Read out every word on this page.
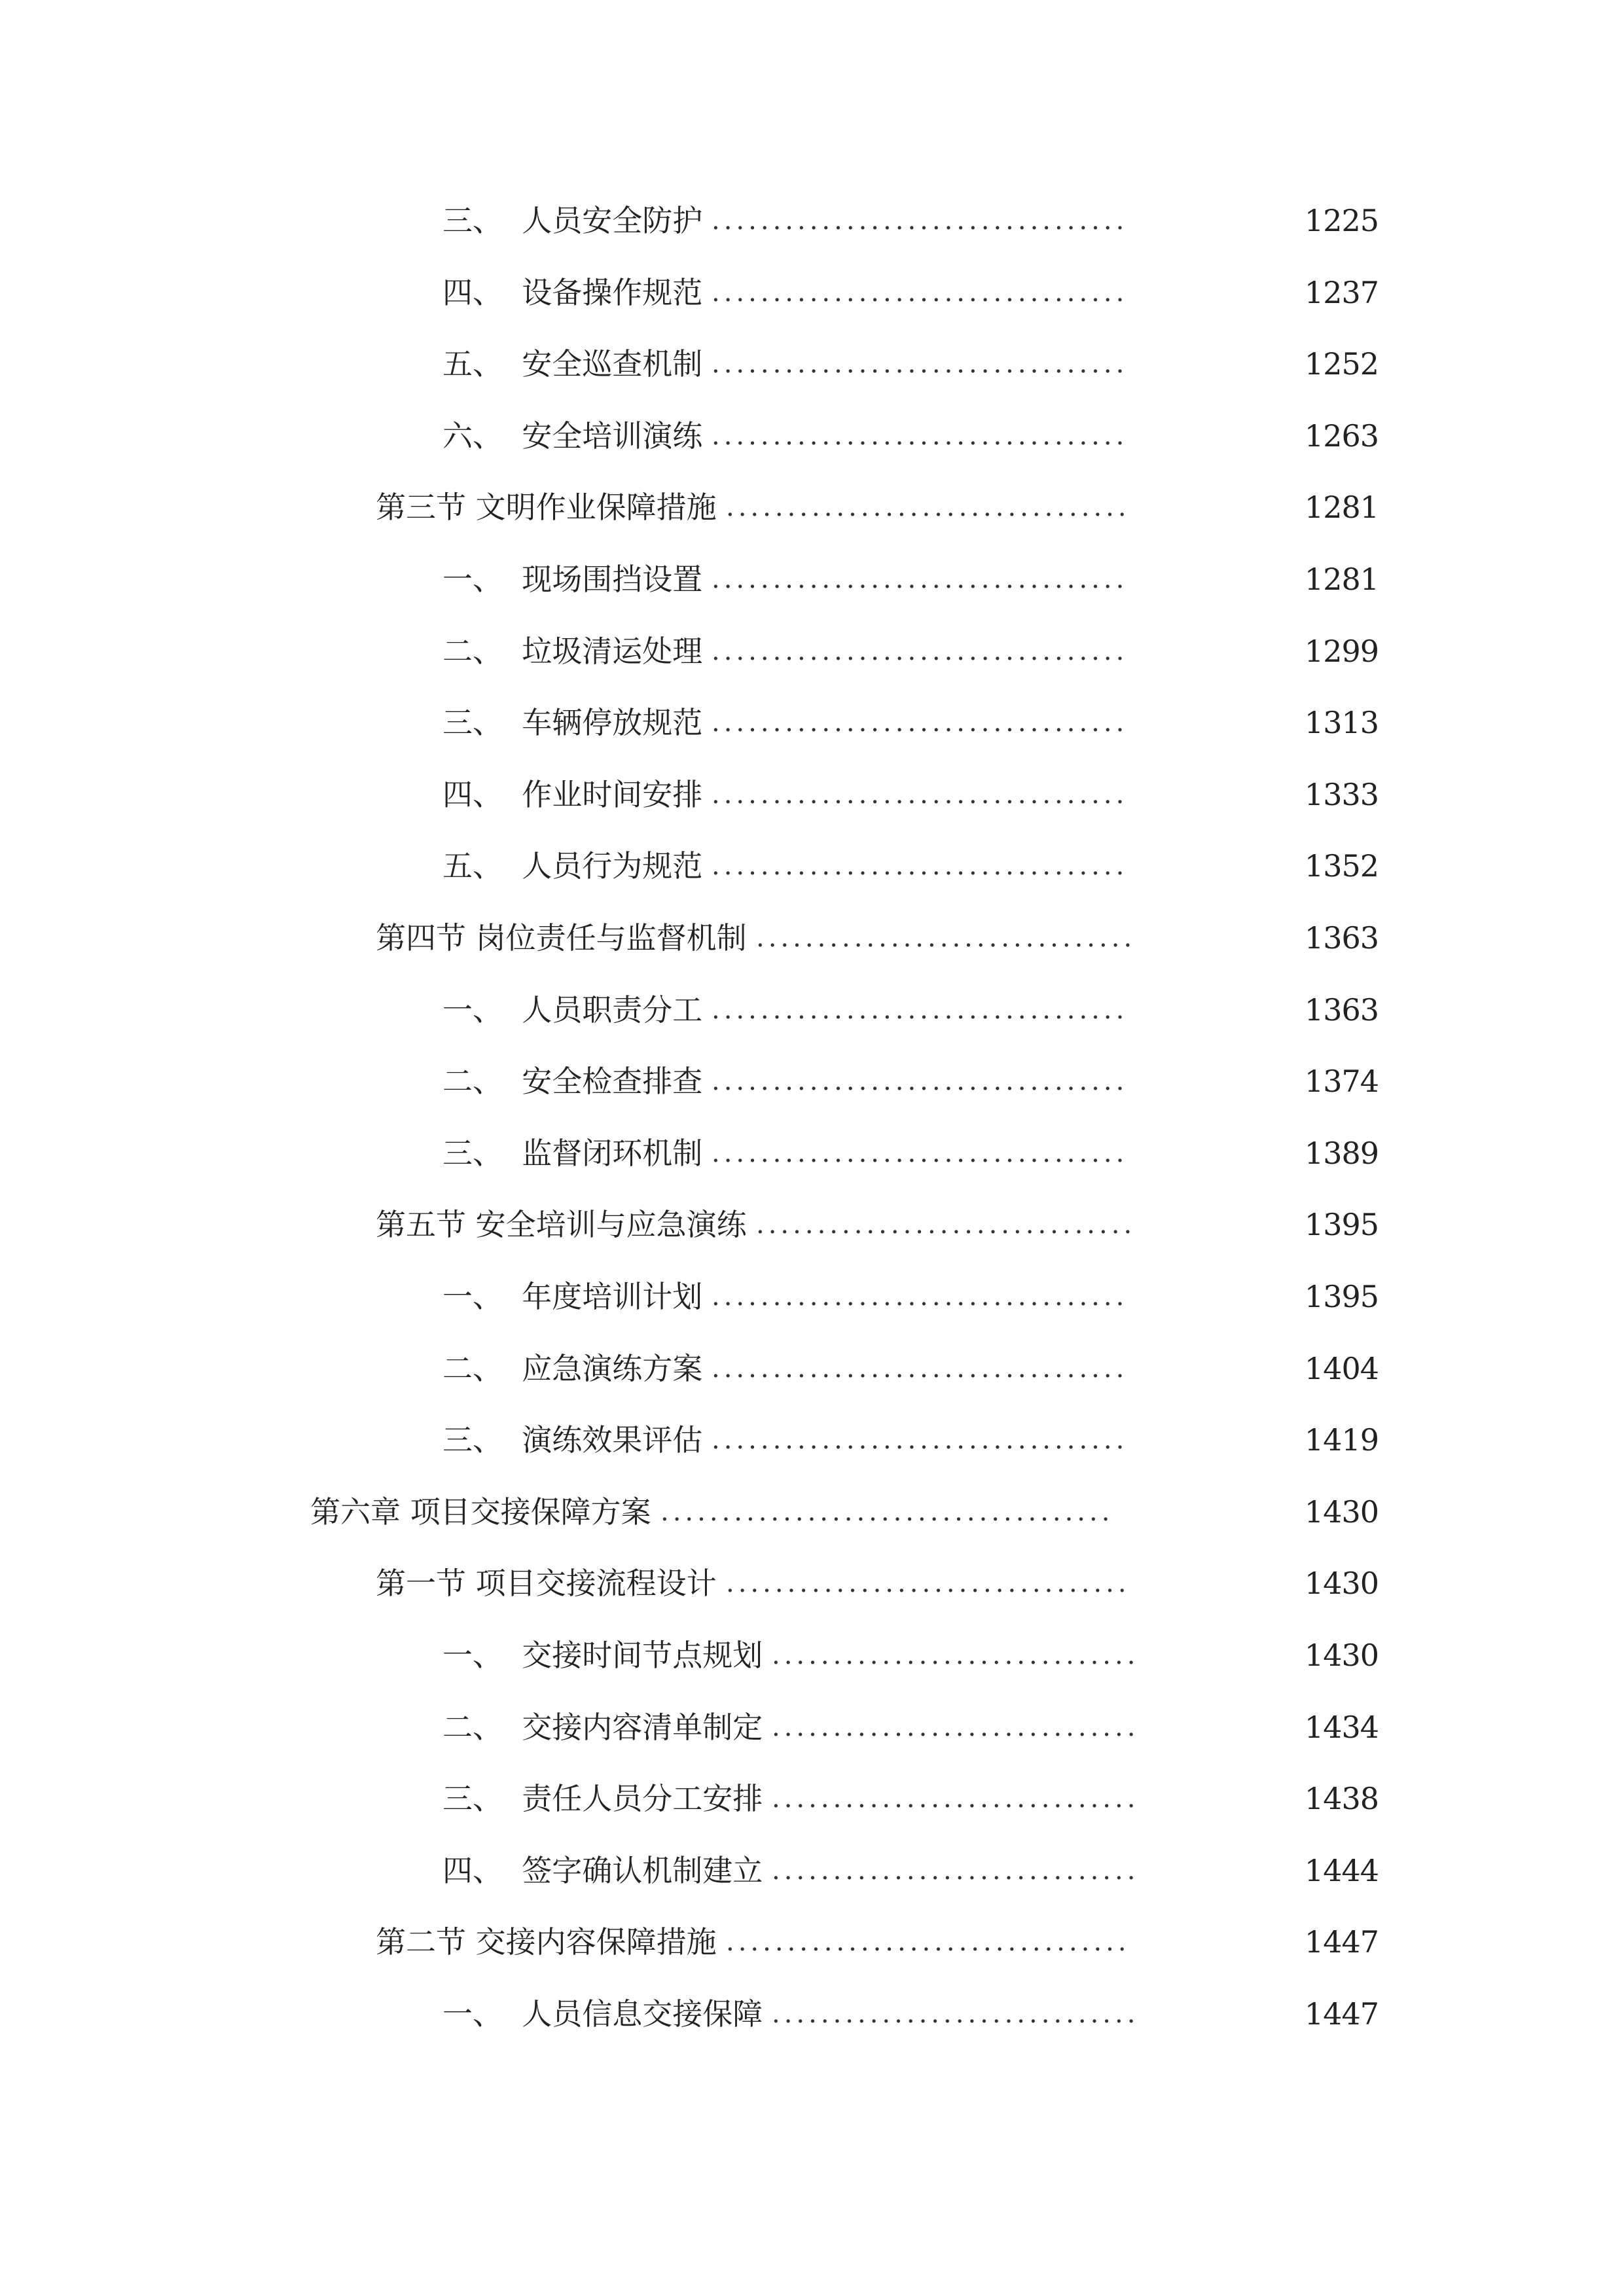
三、  人员安全防护 ..................................	1225
四、  设备操作规范 ..................................	1237
五、  安全巡查机制 ..................................	1252
六、  安全培训演练 ..................................	1263
第三节 文明作业保障措施 .................................	1281
一、  现场围挡设置 ..................................	1281
二、  垃圾清运处理 ..................................	1299
三、  车辆停放规范 ..................................	1313
四、  作业时间安排 ..................................	1333
五、  人员行为规范 ..................................	1352
第四节 岗位责任与监督机制 ...............................	1363
一、  人员职责分工 ..................................	1363
二、  安全检查排查 ..................................	1374
三、  监督闭环机制 ..................................	1389
第五节 安全培训与应急演练 ...............................	1395
一、  年度培训计划 ..................................	1395
二、  应急演练方案 ..................................	1404
三、  演练效果评估 ..................................	1419
第六章 项目交接保障方案 .....................................	1430
第一节 项目交接流程设计 .................................	1430
一、  交接时间节点规划 ..............................	1430
二、  交接内容清单制定 ..............................	1434
三、  责任人员分工安排 ..............................	1438
四、  签字确认机制建立 ..............................	1444
第二节 交接内容保障措施 .................................	1447
一、  人员信息交接保障 ..............................	1447
